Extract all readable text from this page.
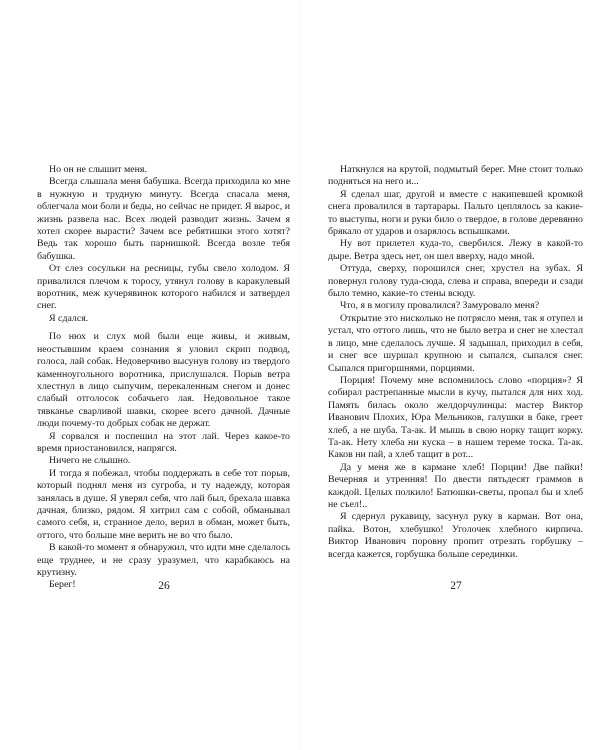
Но он не слышит меня.

Всегда слышала меня бабушка. Всегда приходила ко мне в нужную и трудную минуту. Всегда спасала меня, облегчала мои боли и беды, но сейчас не придет. Я вырос, и жизнь развела нас. Всех людей разводит жизнь. Зачем я хотел скорее вырасти? Зачем все ребятишки этого хотят? Ведь так хорошо быть парнишкой. Всегда возле тебя бабушка.

От слез сосульки на ресницы, губы свело холодом. Я привалился плечом к торосу, утянул голову в каракулевый воротник, меж кучерявинок которого набился и затвердел снег.

Я сдался.

По нюх и слух мой были еще живы, и живым, неостывшим краем сознания я уловил скрип подвод, голоса, лай собак. Недоверчиво высунув голову из твердого каменноугольного воротника, прислушался. Порыв ветра хлестнул в лицо сыпучим, перекаленным снегом и донес слабый отголосок собачьего лая. Недовольное такое тявканье сварливой шавки, скорее всего дачной. Дачные люди почему-то добрых собак не держат.

Я сорвался и поспешил на этот лай. Через какое-то время приостановился, напрягся.

Ничего не слышно.

И тогда я побежал, чтобы поддержать в себе тот порыв, который поднял меня из сугроба, и ту надежду, которая занялась в душе. Я уверял себя, что лай был, брехала шавка дачная, близко, рядом. Я хитрил сам с собой, обманывал самого себя, и, странное дело, верил в обман, может быть, оттого, что больше мне верить не во что было.

В какой-то момент я обнаружил, что идти мне сделалось еще труднее, и не сразу уразумел, что карабкаюсь на крутизну.

Берег!	26

Наткнулся на крутой, подмытый берег. Мне стоит только подняться на него и...

Я сделал шаг, другой и вместе с накипевшей кромкой снега провалился в тартарары. Пальто цеплялось за какие-то выступы, ноги и руки било о твердое, в голове деревянно брякало от ударов и озарялось вспышками.

Ну вот прилетел куда-то, свербился. Лежу в какой-то дыре. Ветра здесь нет, он шел вверху, надо мной.

Оттуда, сверху, порошился снег, хрустел на зубах. Я повернул голову туда-сюда, слева и справа, впереди и сзади было темно, какие-то стены всюду.

Что, я в могилу провалился? Замуровало меня?

Открытие это нисколько не потрясло меня, так я отупел и устал, что оттого лишь, что не было ветра и снег не хлестал в лицо, мне сделалось лучше. Я задышал, приходил в себя, и снег все шуршал крупною и сыпался, сыпался снег. Сыпался пригоршнями, порциями.

Порция! Почему мне вспомнилось слово «порция»? Я собирал растрепанные мысли в кучу, пытался для них ход. Память билась около желдорчулинцы: мастер Виктор Иванович Плохих, Юра Мельников, галушки в баке, греет хлеб, а не шуба. Та-ак. И мышь в свою норку тащит корку. Та-ак. Нету хлеба ни куска – в нашем тереме тоска. Та-ак. Каков ни пай, а хлеб тащит в рот...

Да у меня же в кармане хлеб! Порции! Две пайки! Вечерняя и утренняя! По двести пятьдесят граммов в каждой. Целых полкило! Батюшки-светы, пропал бы и хлеб не съел!..

Я сдернул рукавицу, засунул руку в карман. Вот она, пайка. Вотон, хлебушко! Уголочек хлебного кирпича. Виктор Иванович поровну пропит отрезать горбушку – всегда кажется, горбушка больше серединки.

27
